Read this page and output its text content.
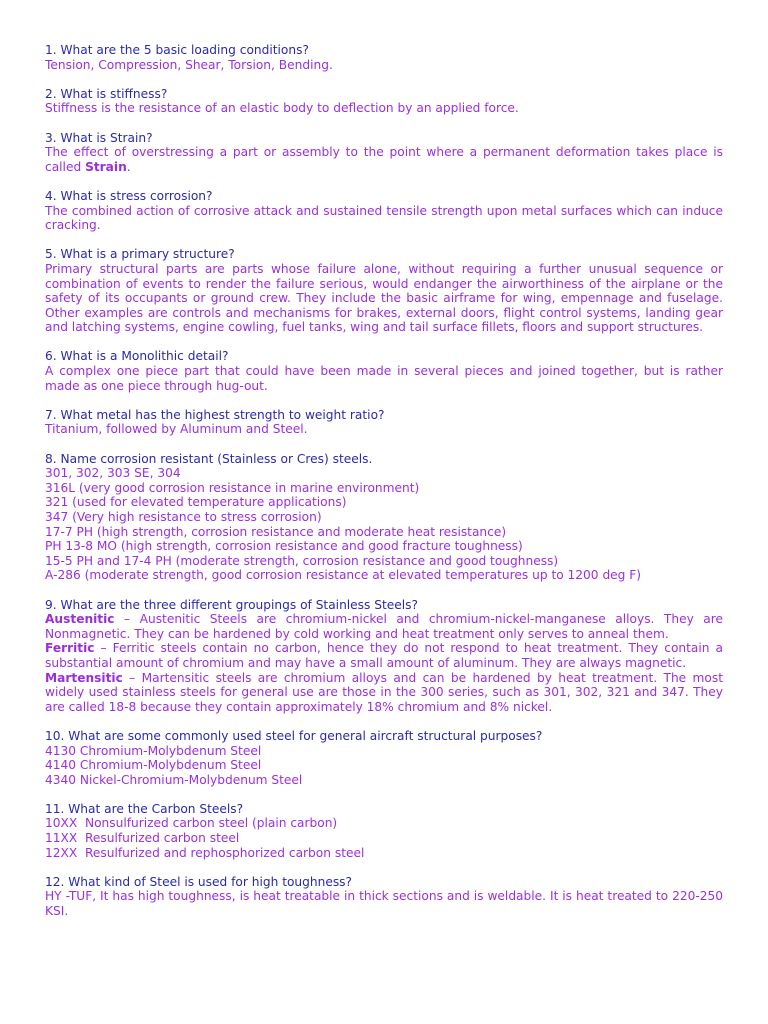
1. What are the 5 basic loading conditions?
Tension, Compression, Shear, Torsion, Bending.
2. What is stiffness?
Stiffness is the resistance of an elastic body to deflection by an applied force.
3. What is Strain?
The effect of overstressing a part or assembly to the point where a permanent deformation takes place is called Strain.
4. What is stress corrosion?
The combined action of corrosive attack and sustained tensile strength upon metal surfaces which can induce cracking.
5. What is a primary structure?
Primary structural parts are parts whose failure alone, without requiring a further unusual sequence or combination of events to render the failure serious, would endanger the airworthiness of the airplane or the safety of its occupants or ground crew. They include the basic airframe for wing, empennage and fuselage. Other examples are controls and mechanisms for brakes, external doors, flight control systems, landing gear and latching systems, engine cowling, fuel tanks, wing and tail surface fillets, floors and support structures.
6. What is a Monolithic detail?
A complex one piece part that could have been made in several pieces and joined together, but is rather made as one piece through hug-out.
7. What metal has the highest strength to weight ratio?
Titanium, followed by Aluminum and Steel.
8. Name corrosion resistant (Stainless or Cres) steels.
301, 302, 303 SE, 304
316L (very good corrosion resistance in marine environment)
321 (used for elevated temperature applications)
347 (Very high resistance to stress corrosion)
17-7 PH (high strength, corrosion resistance and moderate heat resistance)
PH 13-8 MO (high strength, corrosion resistance and good fracture toughness)
15-5 PH and 17-4 PH (moderate strength, corrosion resistance and good toughness)
A-286 (moderate strength, good corrosion resistance at elevated temperatures up to 1200 deg F)
9. What are the three different groupings of Stainless Steels?
Austenitic – Austenitic Steels are chromium-nickel and chromium-nickel-manganese alloys. They are Nonmagnetic. They can be hardened by cold working and heat treatment only serves to anneal them.
Ferritic – Ferritic steels contain no carbon, hence they do not respond to heat treatment. They contain a substantial amount of chromium and may have a small amount of aluminum. They are always magnetic.
Martensitic – Martensitic steels are chromium alloys and can be hardened by heat treatment. The most widely used stainless steels for general use are those in the 300 series, such as 301, 302, 321 and 347. They are called 18-8 because they contain approximately 18% chromium and 8% nickel.
10. What are some commonly used steel for general aircraft structural purposes?
4130 Chromium-Molybdenum Steel
4140 Chromium-Molybdenum Steel
4340 Nickel-Chromium-Molybdenum Steel
11. What are the Carbon Steels?
10XX  Nonsulfurized carbon steel (plain carbon)
11XX  Resulfurized carbon steel
12XX  Resulfurized and rephosphorized carbon steel
12. What kind of Steel is used for high toughness?
HY -TUF, It has high toughness, is heat treatable in thick sections and is weldable. It is heat treated to 220-250 KSI.
